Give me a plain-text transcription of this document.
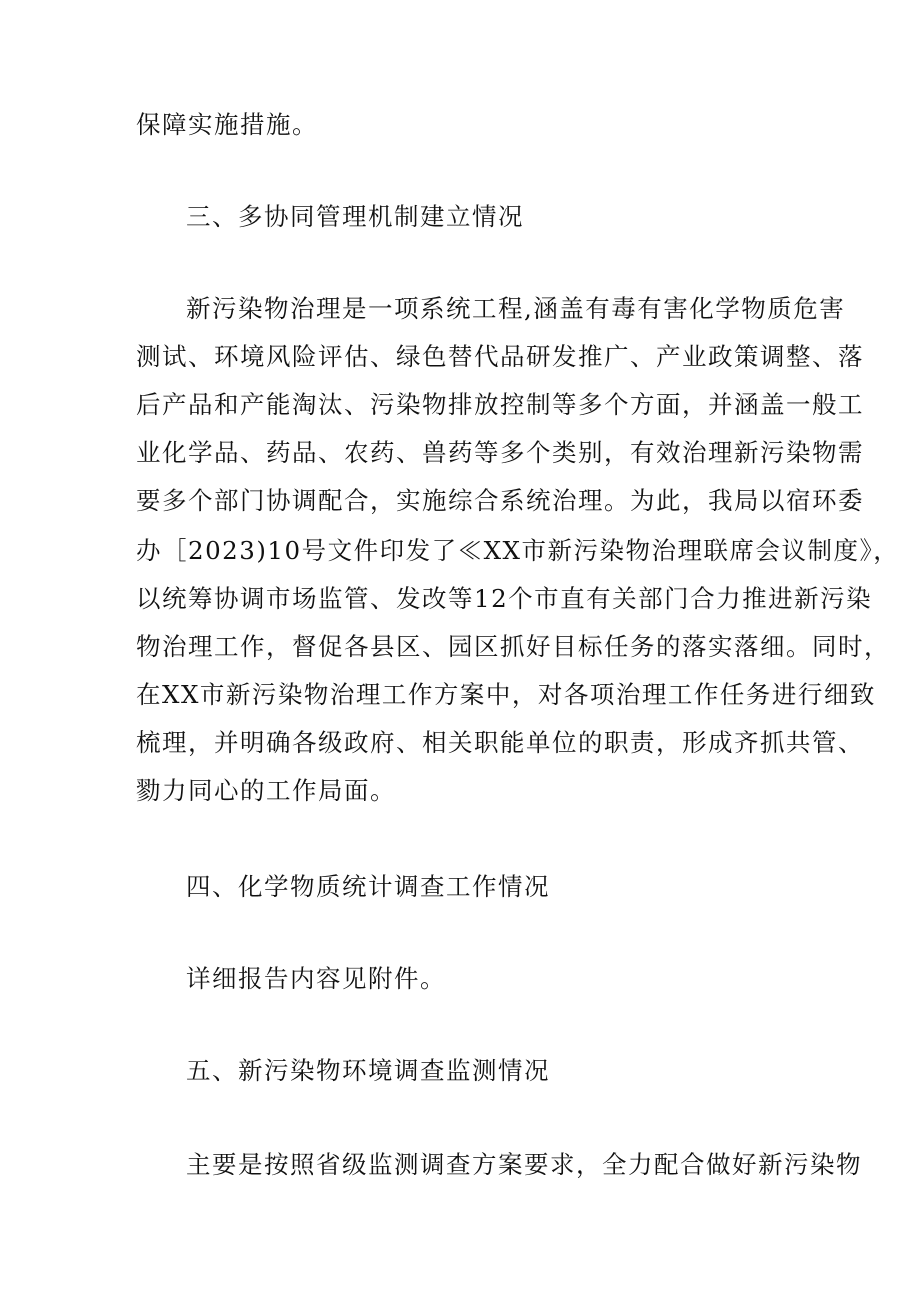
保障实施措施。
三、多协同管理机制建立情况
新污染物治理是一项系统工程,涵盖有毒有害化学物质危害
测试、环境风险评估、绿色替代品研发推广、产业政策调整、落
后产品和产能淘汰、污染物排放控制等多个方面，并涵盖一般工
业化学品、药品、农药、兽药等多个类别，有效治理新污染物需
要多个部门协调配合，实施综合系统治理。为此，我局以宿环委
办［2023)10号文件印发了≪XX市新污染物治理联席会议制度》，
以统筹协调市场监管、发改等12个市直有关部门合力推进新污染
物治理工作，督促各县区、园区抓好目标任务的落实落细。同时，
在XX市新污染物治理工作方案中，对各项治理工作任务进行细致
梳理，并明确各级政府、相关职能单位的职责，形成齐抓共管、
勠力同心的工作局面。
四、化学物质统计调查工作情况
详细报告内容见附件。
五、新污染物环境调查监测情况
主要是按照省级监测调查方案要求，全力配合做好新污染物
